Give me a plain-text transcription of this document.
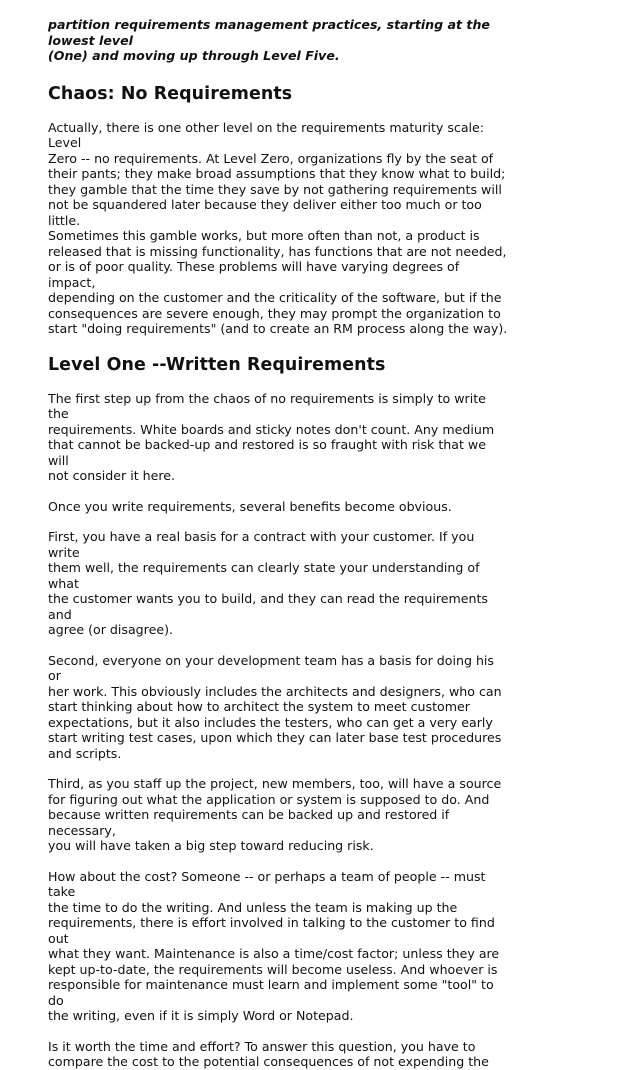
partition requirements management practices, starting at the lowest level
(One) and moving up through Level Five.

Chaos: No Requirements

Actually, there is one other level on the requirements maturity scale: Level
Zero -- no requirements. At Level Zero, organizations fly by the seat of
their pants; they make broad assumptions that they know what to build;
they gamble that the time they save by not gathering requirements will
not be squandered later because they deliver either too much or too little.
Sometimes this gamble works, but more often than not, a product is
released that is missing functionality, has functions that are not needed,
or is of poor quality. These problems will have varying degrees of impact,
depending on the customer and the criticality of the software, but if the
consequences are severe enough, they may prompt the organization to
start "doing requirements" (and to create an RM process along the way).

Level One --Written Requirements

The first step up from the chaos of no requirements is simply to write the
requirements. White boards and sticky notes don't count. Any medium
that cannot be backed-up and restored is so fraught with risk that we will
not consider it here.

Once you write requirements, several benefits become obvious.

First, you have a real basis for a contract with your customer. If you write
them well, the requirements can clearly state your understanding of what
the customer wants you to build, and they can read the requirements and
agree (or disagree).

Second, everyone on your development team has a basis for doing his or
her work. This obviously includes the architects and designers, who can
start thinking about how to architect the system to meet customer
expectations, but it also includes the testers, who can get a very early
start writing test cases, upon which they can later base test procedures
and scripts.

Third, as you staff up the project, new members, too, will have a source
for figuring out what the application or system is supposed to do. And
because written requirements can be backed up and restored if necessary,
you will have taken a big step toward reducing risk.

How about the cost? Someone -- or perhaps a team of people -- must take
the time to do the writing. And unless the team is making up the
requirements, there is effort involved in talking to the customer to find out
what they want. Maintenance is also a time/cost factor; unless they are
kept up-to-date, the requirements will become useless. And whoever is
responsible for maintenance must learn and implement some "tool" to do
the writing, even if it is simply Word or Notepad.

Is it worth the time and effort? To answer this question, you have to
compare the cost to the potential consequences of not expending the
